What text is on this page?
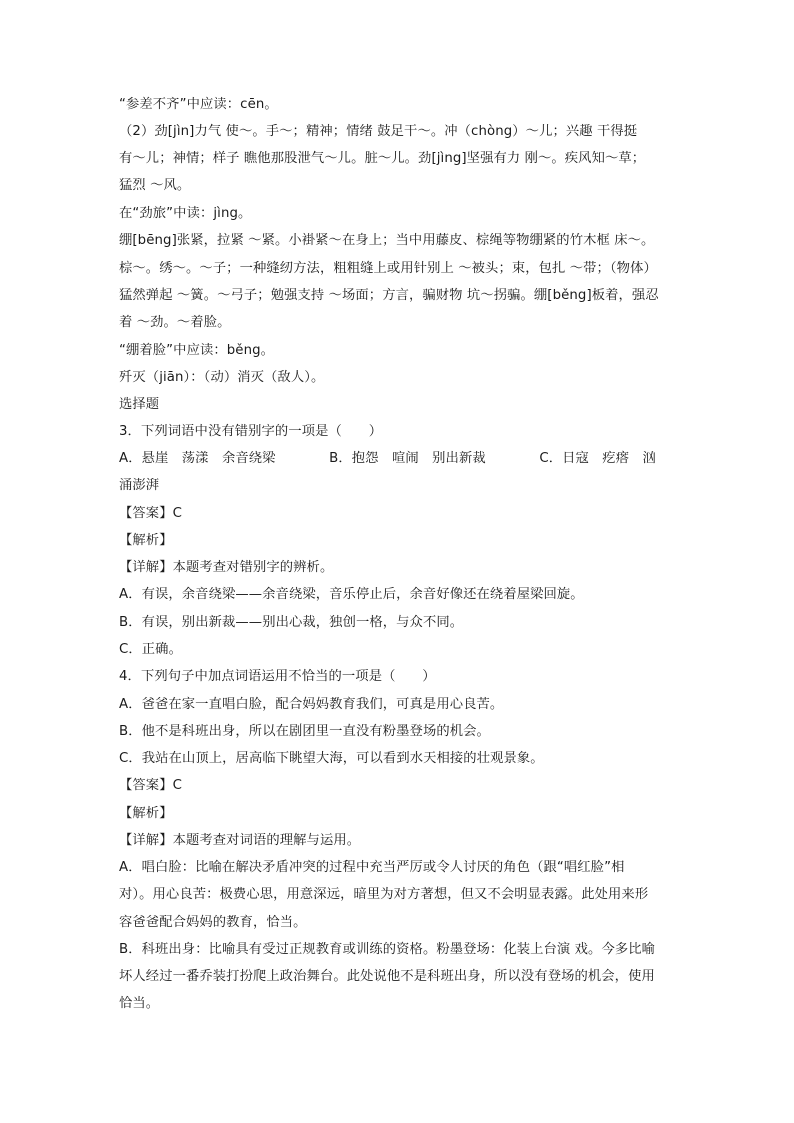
“参差不齐”中应读：cēn。
（2）劲[jìn]力气 使～。手～；精神；情绪 鼓足干～。冲（chòng）～儿；兴趣 干得挺
有～儿；神情；样子 瞧他那股泄气～儿。脏～儿。劲[jìng]坚强有力 刚～。疾风知～草；
猛烈 ～风。
在“劲旅”中读：jìng。
绷[bēng]张紧，拉紧 ～紧。小褂紧～在身上；当中用藤皮、棕绳等物绷紧的竹木框 床～。
棕～。绣～。～子；一种缝纫方法，粗粗缝上或用针别上 ～被头；束，包扎 ～带；（物体）
猛然弹起 ～簧。～弓子；勉强支持 ～场面；方言，骗财物 坑～拐骗。绷[běng]板着，强忍
着 ～劲。～着脸。
“绷着脸”中应读：běng。
歼灭（jiān）：（动）消灭（敌人）。
选择题
3．下列词语中没有错别字的一项是（　　）
A．悬崖　荡漾　余音绕梁　　　　B．抱怨　喧闹　别出新裁　　　　C．日寇　疙瘩　汹
涌澎湃
【答案】C
【解析】
【详解】本题考查对错别字的辨析。
A．有误，余音绕梁——余音绕梁，音乐停止后，余音好像还在绕着屋梁回旋。
B．有误，别出新裁——别出心裁，独创一格，与众不同。
C．正确。
4．下列句子中加点词语运用不恰当的一项是（　　）
A．爸爸在家一直唱白脸，配合妈妈教育我们，可真是用心良苦。
B．他不是科班出身，所以在剧团里一直没有粉墨登场的机会。
C．我站在山顶上，居高临下眺望大海，可以看到水天相接的壮观景象。
【答案】C
【解析】
【详解】本题考查对词语的理解与运用。
A．唱白脸：比喻在解决矛盾冲突的过程中充当严厉或令人讨厌的角色（跟“唱红脸”相
对）。用心良苦：极费心思，用意深远，暗里为对方著想，但又不会明显表露。此处用来形
容爸爸配合妈妈的教育，恰当。
B．科班出身：比喻具有受过正规教育或训练的资格。粉墨登场：化装上台演 戏。今多比喻
坏人经过一番乔装打扮爬上政治舞台。此处说他不是科班出身，所以没有登场的机会，使用
恰当。
